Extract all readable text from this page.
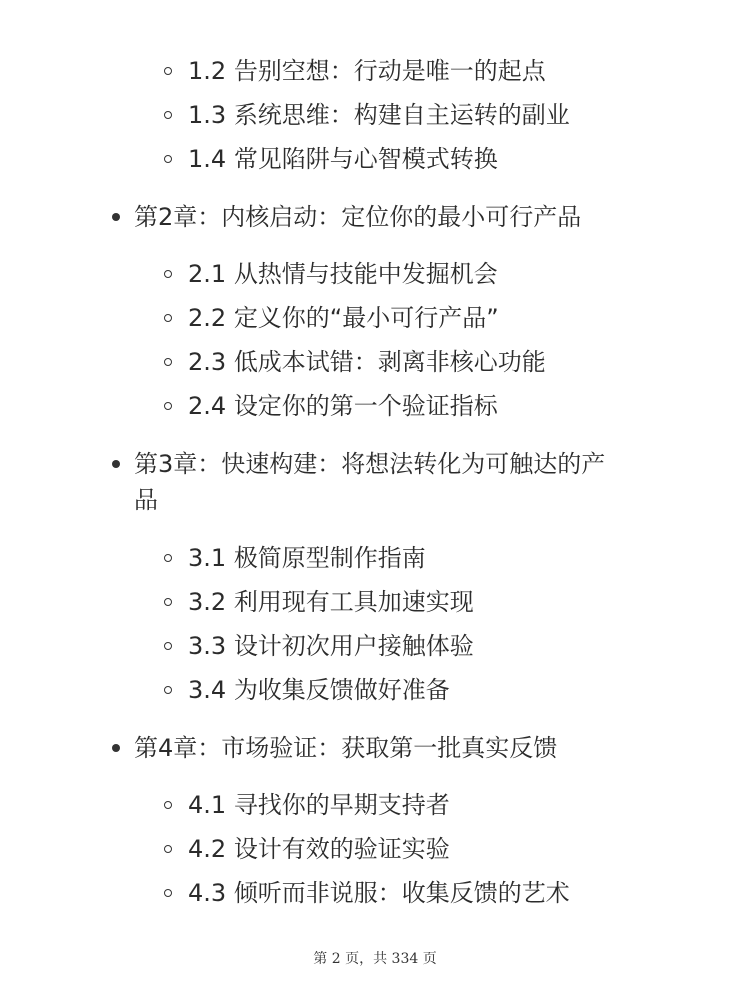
1.2 告别空想：行动是唯一的起点
1.3 系统思维：构建自主运转的副业
1.4 常见陷阱与心智模式转换
第2章：内核启动：定位你的最小可行产品
2.1 从热情与技能中发掘机会
2.2 定义你的“最小可行产品”
2.3 低成本试错：剥离非核心功能
2.4 设定你的第一个验证指标
第3章：快速构建：将想法转化为可触达的产
品
3.1 极简原型制作指南
3.2 利用现有工具加速实现
3.3 设计初次用户接触体验
3.4 为收集反馈做好准备
第4章：市场验证：获取第一批真实反馈
4.1 寻找你的早期支持者
4.2 设计有效的验证实验
4.3 倾听而非说服：收集反馈的艺术
第 2 页，共 334 页
